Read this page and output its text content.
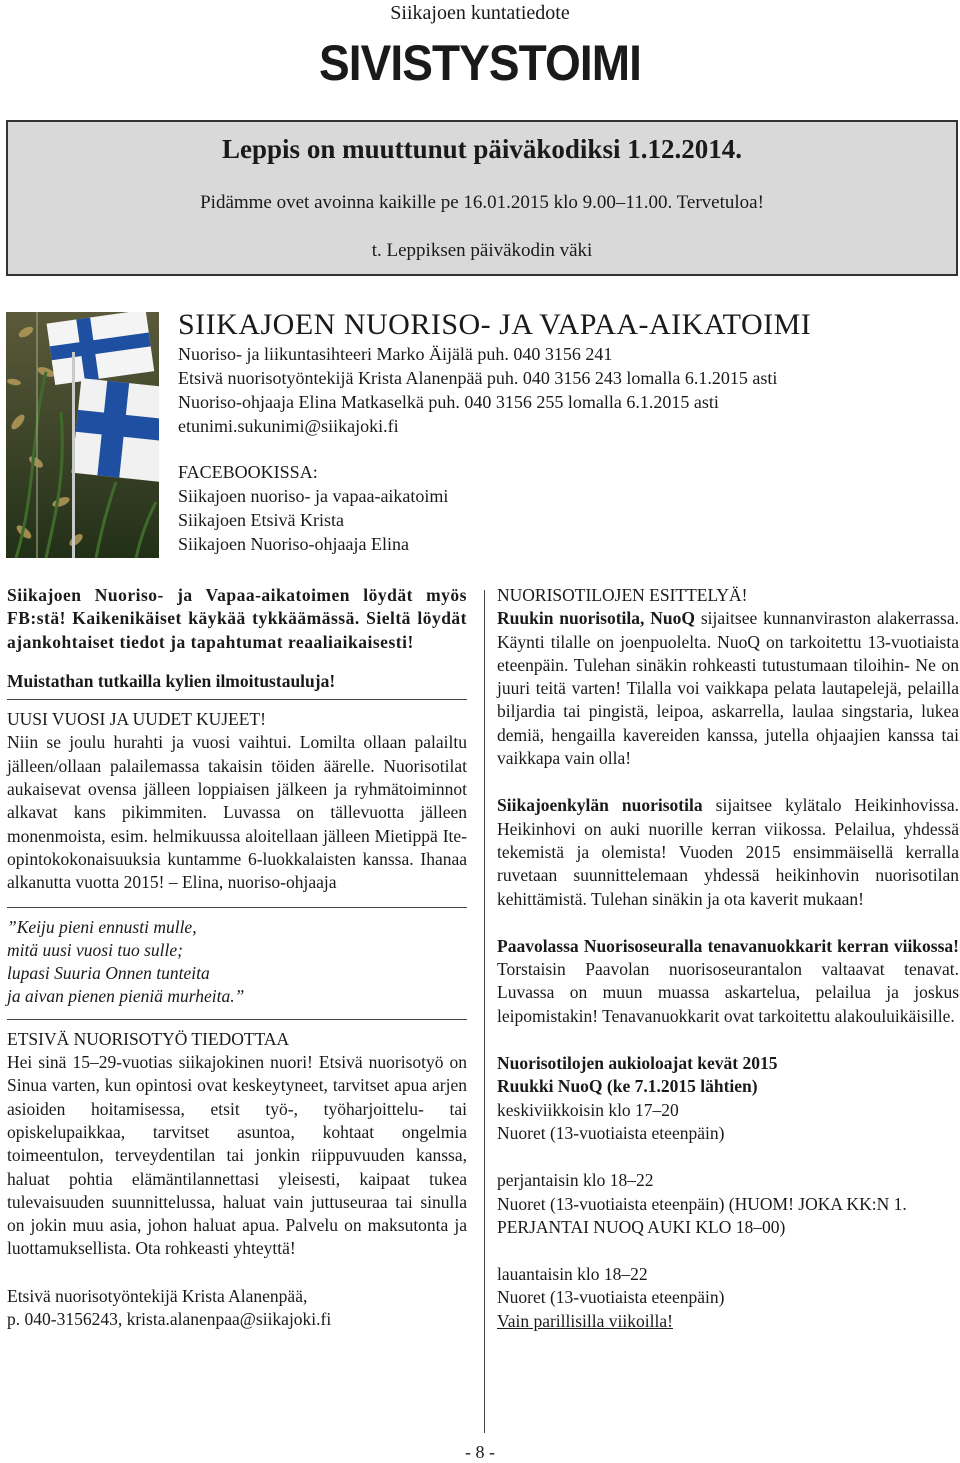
Siikajoen kuntatiedote
SIVISTYSTOIMI
Leppis on muuttunut päiväkodiksi 1.12.2014.
Pidämme ovet avoinna kaikille pe 16.01.2015 klo 9.00–11.00. Tervetuloa!
t. Leppiksen päiväkodin väki
SIIKAJOEN NUORISO- JA VAPAA-AIKATOIMI
Nuoriso- ja liikuntasihteeri Marko Äijälä puh. 040 3156 241
Etsivä nuorisotyöntekijä Krista Alanenpää puh. 040 3156 243 lomalla 6.1.2015 asti
Nuoriso-ohjaaja Elina Matkaselkä puh. 040 3156 255 lomalla 6.1.2015 asti
etunimi.sukunimi@siikajoki.fi
FACEBOOKISSA:
Siikajoen nuoriso- ja vapaa-aikatoimi
Siikajoen Etsivä Krista
Siikajoen Nuoriso-ohjaaja Elina

Siikajoen Nuoriso- ja Vapaa-aikatoimen löydät myös FB:stä! Kaikenikäiset käykää tykkäämässä. Sieltä löydät ajankohtaiset tiedot ja tapahtumat reaaliaikaisesti!

Muistathan tutkailla kylien ilmoitustauluja!

UUSI VUOSI JA UUDET KUJEET!

Niin se joulu hurahti ja vuosi vaihtui. Lomilta ollaan palailtu jälleen/ollaan palailemassa takaisin töiden äärelle. Nuorisotilat aukaisevat ovensa jälleen loppiaisen jälkeen ja ryhmätoiminnot alkavat kans pikimmiten. Luvassa on tällevuotta jälleen monenmoista, esim. helmikuussa aloitellaan jälleen Mietippä Ite- opintokokonaisuuksia kuntamme 6-luokkalaisten kanssa. Ihanaa alkanutta vuotta 2015! – Elina, nuoriso-ohjaaja

”Keiju pieni ennusti mulle,

mitä uusi vuosi tuo sulle;

lupasi Suuria Onnen tunteita

ja aivan pienen pieniä murheita.”

ETSIVÄ NUORISOTYÖ TIEDOTTAA

Hei sinä 15–29-vuotias siikajokinen nuori! Etsivä nuorisotyö on Sinua varten, kun opintosi ovat keskeytyneet, tarvitset apua arjen asioiden hoitamisessa, etsit työ-, työharjoittelu- tai opiskelupaikkaa, tarvitset asuntoa, kohtaat ongelmia toimeentulon, terveydentilan tai jonkin riippuvuuden kanssa, haluat pohtia elämäntilannettasi yleisesti, kaipaat tukea tulevaisuuden suunnittelussa, haluat vain juttuseuraa tai sinulla on jokin muu asia, johon haluat apua. Palvelu on maksutonta ja luottamuksellista. Ota rohkeasti yhteyttä!

Etsivä nuorisotyöntekijä Krista Alanenpää,

p. 040-3156243, krista.alanenpaa@siikajoki.fi

NUORISOTILOJEN ESITTELYÄ!

Ruukin nuorisotila, NuoQ sijaitsee kunnanviraston alakerrassa. Käynti tilalle on joenpuolelta. NuoQ on tarkoitettu 13-vuotiaista eteenpäin. Tulehan sinäkin rohkeasti tutustumaan tiloihin- Ne on juuri teitä varten! Tilalla voi vaikkapa pelata lautapelejä, pelailla biljardia tai pingistä, leipoa, askarrella, laulaa singstaria, lukea demiä, hengailla kavereiden kanssa, jutella ohjaajien kanssa tai vaikkapa vain olla!

Siikajoenkylän nuorisotila sijaitsee kylätalo Heikinhovissa. Heikinhovi on auki nuorille kerran viikossa. Pelailua, yhdessä tekemistä ja olemista! Vuoden 2015 ensimmäisellä kerralla ruvetaan suunnittelemaan yhdessä heikinhovin nuorisotilan kehittämistä. Tulehan sinäkin ja ota kaverit mukaan!

Paavolassa Nuorisoseuralla tenavanuokkarit kerran viikossa! Torstaisin Paavolan nuorisoseurantalon valtaavat tenavat. Luvassa on muun muassa askartelua, pelailua ja joskus leipomistakin! Tenavanuokkarit ovat tarkoitettu alakouluikäisille.

Nuorisotilojen aukioloajat kevät 2015

Ruukki NuoQ (ke 7.1.2015 lähtien)

keskiviikkoisin klo 17–20

Nuoret (13-vuotiaista eteenpäin)

perjantaisin klo 18–22

Nuoret (13-vuotiaista eteenpäin) (HUOM! JOKA KK:N 1. PERJANTAI NUOQ AUKI KLO 18–00)

lauantaisin klo 18–22

Nuoret (13-vuotiaista eteenpäin)

Vain parillisilla viikoilla!

- 8 -
